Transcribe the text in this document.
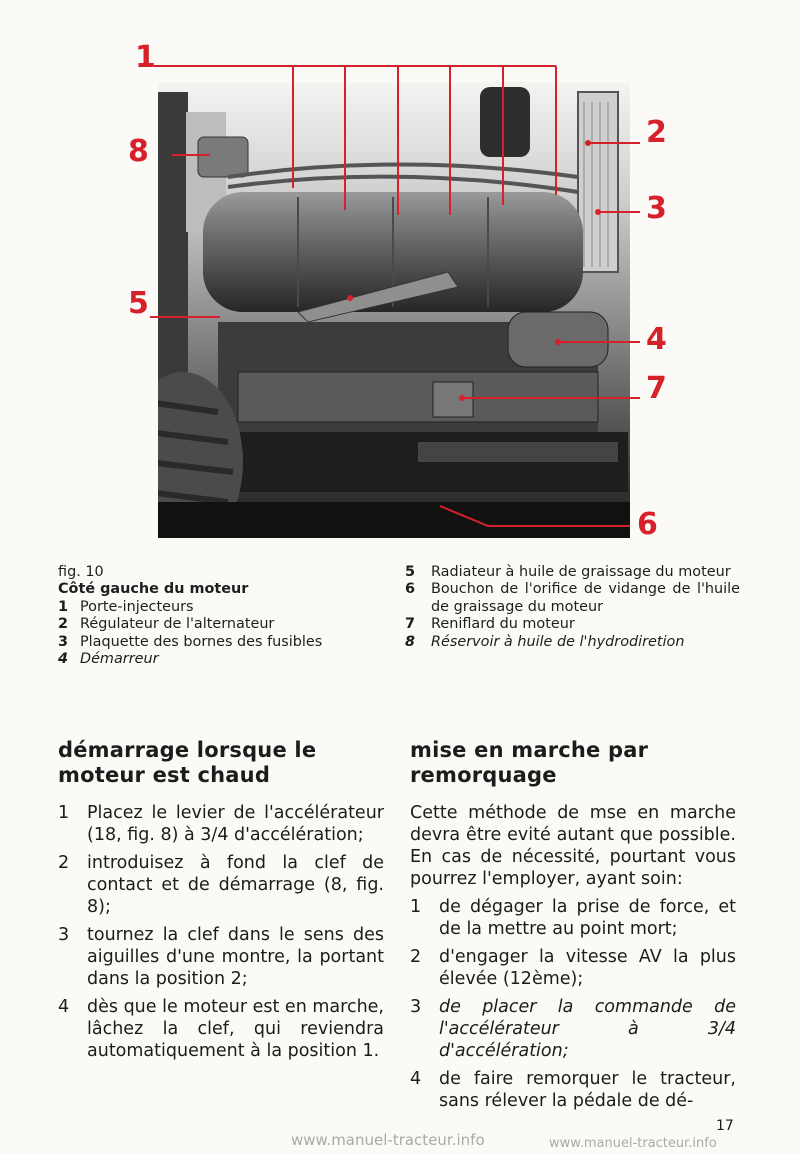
1
2
3
4
5
6
7
8
fig. 10
Côté gauche du moteur
1 Porte-injecteurs
2 Régulateur de l'alternateur
3 Plaquette des bornes des fusibles
4 Démarreur
5	Radiateur à huile de graissage du moteur
6	Bouchon de l'orifice de vidange de l'huile de graissage du moteur
7	Reniflard du moteur
8	Réservoir à huile de l'hydrodiretion
démarrage lorsque le moteur est chaud
1	Placez le levier de l'accélérateur (18, fig. 8) à 3/4 d'accélération;
2	introduisez à fond la clef de contact et de démarrage (8, fig. 8);
3	tournez la clef dans le sens des aiguilles d'une montre, la portant dans la position 2;
4	dès que le moteur est en marche, lâchez la clef, qui reviendra automatiquement à la position 1.
mise en marche par remorquage

Cette méthode de mse en marche devra être evité autant que possible. En cas de nécessité, pourtant vous pourrez l'employer, ayant soin:

1	de dégager la prise de force, et de la mettre au point mort;
2	d'engager la vitesse AV la plus élevée (12ème);
3	de placer la commande de l'accélérateur à 3/4 d'accélération;
4	de faire remorquer le tracteur, sans rélever la pédale de dé-
17
www.manuel-tracteur.info	www.manuel-tracteur.info
